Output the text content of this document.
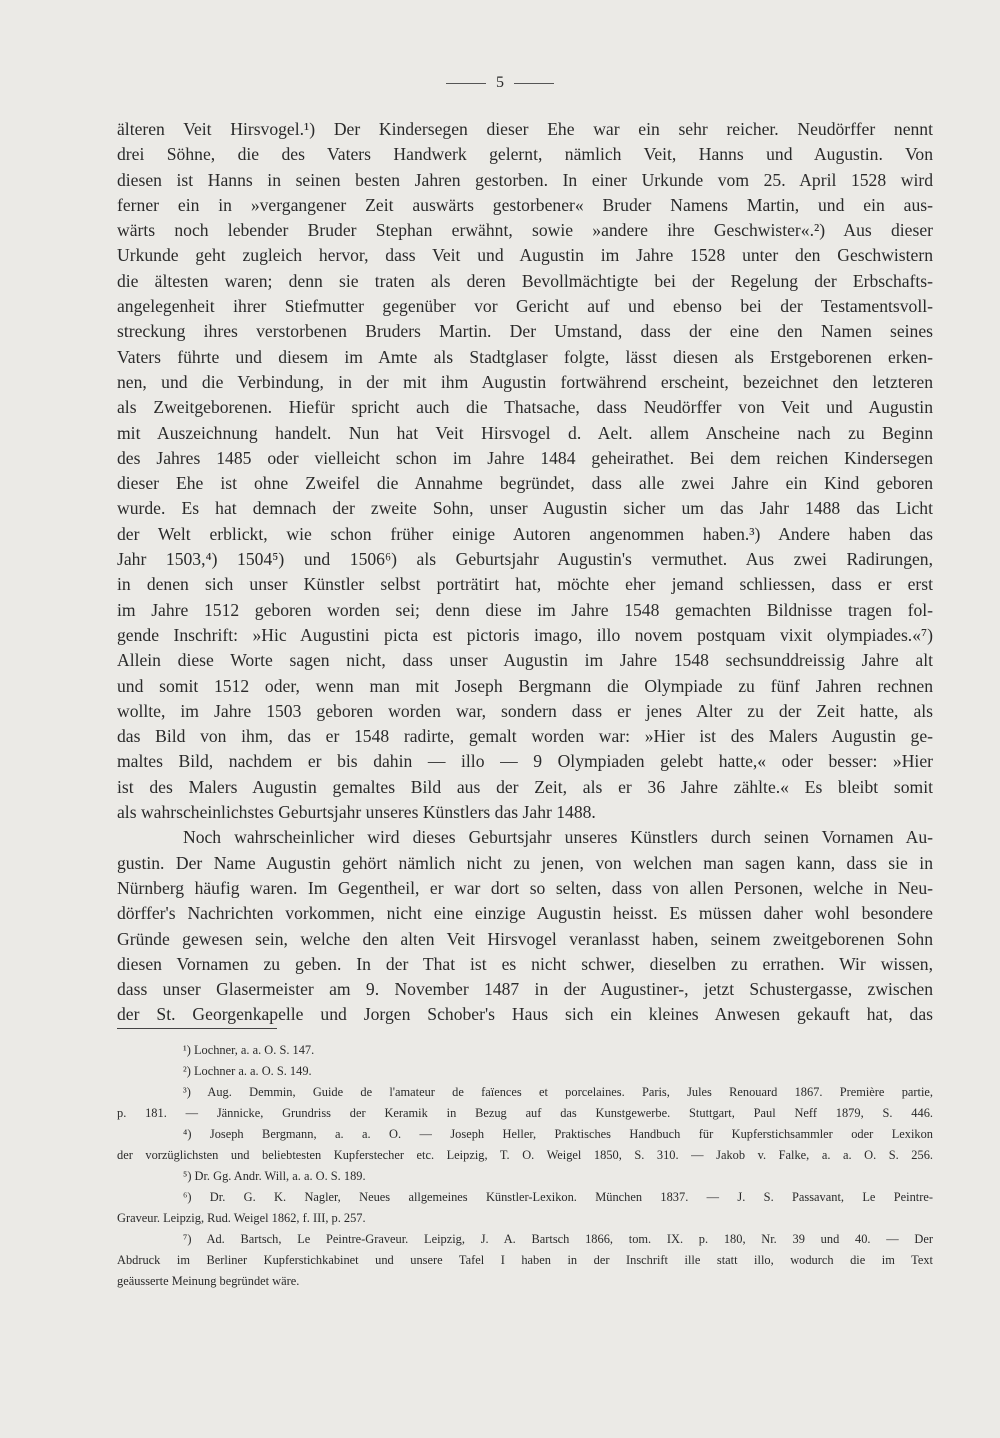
5
älteren Veit Hirsvogel.¹) Der Kindersegen dieser Ehe war ein sehr reicher. Neudörffer nennt
drei Söhne, die des Vaters Handwerk gelernt, nämlich Veit, Hanns und Augustin. Von
diesen ist Hanns in seinen besten Jahren gestorben. In einer Urkunde vom 25. April 1528 wird
ferner ein in »vergangener Zeit auswärts gestorbener« Bruder Namens Martin, und ein aus-
wärts noch lebender Bruder Stephan erwähnt, sowie »andere ihre Geschwister«.²) Aus dieser
Urkunde geht zugleich hervor, dass Veit und Augustin im Jahre 1528 unter den Geschwistern
die ältesten waren; denn sie traten als deren Bevollmächtigte bei der Regelung der Erbschafts-
angelegenheit ihrer Stiefmutter gegenüber vor Gericht auf und ebenso bei der Testamentsvoll-
streckung ihres verstorbenen Bruders Martin. Der Umstand, dass der eine den Namen seines
Vaters führte und diesem im Amte als Stadtglaser folgte, lässt diesen als Erstgeborenen erken-
nen, und die Verbindung, in der mit ihm Augustin fortwährend erscheint, bezeichnet den letzteren
als Zweitgeborenen. Hiefür spricht auch die Thatsache, dass Neudörffer von Veit und Augustin
mit Auszeichnung handelt. Nun hat Veit Hirsvogel d. Aelt. allem Anscheine nach zu Beginn
des Jahres 1485 oder vielleicht schon im Jahre 1484 geheirathet. Bei dem reichen Kindersegen
dieser Ehe ist ohne Zweifel die Annahme begründet, dass alle zwei Jahre ein Kind geboren
wurde. Es hat demnach der zweite Sohn, unser Augustin sicher um das Jahr 1488 das Licht
der Welt erblickt, wie schon früher einige Autoren angenommen haben.³) Andere haben das
Jahr 1503,⁴) 1504⁵) und 1506⁶) als Geburtsjahr Augustin's vermuthet. Aus zwei Radirungen,
in denen sich unser Künstler selbst porträtirt hat, möchte eher jemand schliessen, dass er erst
im Jahre 1512 geboren worden sei; denn diese im Jahre 1548 gemachten Bildnisse tragen fol-
gende Inschrift: »Hic Augustini picta est pictoris imago, illo novem postquam vixit olympiades.«⁷)
Allein diese Worte sagen nicht, dass unser Augustin im Jahre 1548 sechsunddreissig Jahre alt
und somit 1512 oder, wenn man mit Joseph Bergmann die Olympiade zu fünf Jahren rechnen
wollte, im Jahre 1503 geboren worden war, sondern dass er jenes Alter zu der Zeit hatte, als
das Bild von ihm, das er 1548 radirte, gemalt worden war: »Hier ist des Malers Augustin ge-
maltes Bild, nachdem er bis dahin — illo — 9 Olympiaden gelebt hatte,« oder besser: »Hier
ist des Malers Augustin gemaltes Bild aus der Zeit, als er 36 Jahre zählte.« Es bleibt somit
als wahrscheinlichstes Geburtsjahr unseres Künstlers das Jahr 1488.
Noch wahrscheinlicher wird dieses Geburtsjahr unseres Künstlers durch seinen Vornamen Au-
gustin. Der Name Augustin gehört nämlich nicht zu jenen, von welchen man sagen kann, dass sie in
Nürnberg häufig waren. Im Gegentheil, er war dort so selten, dass von allen Personen, welche in Neu-
dörffer's Nachrichten vorkommen, nicht eine einzige Augustin heisst. Es müssen daher wohl besondere
Gründe gewesen sein, welche den alten Veit Hirsvogel veranlasst haben, seinem zweitgeborenen Sohn
diesen Vornamen zu geben. In der That ist es nicht schwer, dieselben zu errathen. Wir wissen,
dass unser Glasermeister am 9. November 1487 in der Augustiner-, jetzt Schustergasse, zwischen
der St. Georgenkapelle und Jorgen Schober's Haus sich ein kleines Anwesen gekauft hat, das
¹) Lochner, a. a. O. S. 147.
²) Lochner a. a. O. S. 149.
³) Aug. Demmin, Guide de l'amateur de faïences et porcelaines. Paris, Jules Renouard 1867. Première partie,
p. 181. — Jännicke, Grundriss der Keramik in Bezug auf das Kunstgewerbe. Stuttgart, Paul Neff 1879, S. 446.
⁴) Joseph Bergmann, a. a. O. — Joseph Heller, Praktisches Handbuch für Kupferstichsammler oder Lexikon
der vorzüglichsten und beliebtesten Kupferstecher etc. Leipzig, T. O. Weigel 1850, S. 310. — Jakob v. Falke, a. a. O. S. 256.
⁵) Dr. Gg. Andr. Will, a. a. O. S. 189.
⁶) Dr. G. K. Nagler, Neues allgemeines Künstler-Lexikon. München 1837. — J. S. Passavant, Le Peintre-
Graveur. Leipzig, Rud. Weigel 1862, f. III, p. 257.
⁷) Ad. Bartsch, Le Peintre-Graveur. Leipzig, J. A. Bartsch 1866, tom. IX. p. 180, Nr. 39 und 40. — Der
Abdruck im Berliner Kupferstichkabinet und unsere Tafel I haben in der Inschrift ille statt illo, wodurch die im Text
geäusserte Meinung begründet wäre.
